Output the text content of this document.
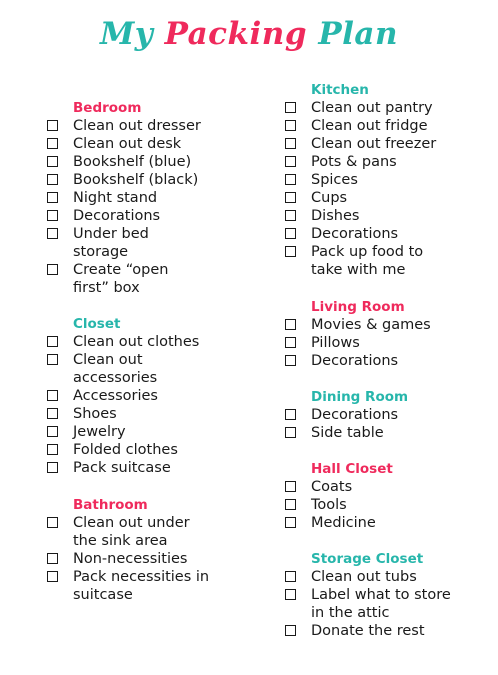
My Packing Plan
Bedroom
Clean out dresser
Clean out desk
Bookshelf (blue)
Bookshelf (black)
Night stand
Decorations
Under bed storage
Create “open first” box
Closet
Clean out clothes
Clean out accessories
Accessories
Shoes
Jewelry
Folded clothes
Pack suitcase
Bathroom
Clean out under the sink area
Non-necessities
Pack necessities in suitcase
Kitchen
Clean out pantry
Clean out fridge
Clean out freezer
Pots & pans
Spices
Cups
Dishes
Decorations
Pack up food to take with me
Living Room
Movies & games
Pillows
Decorations
Dining Room
Decorations
Side table
Hall Closet
Coats
Tools
Medicine
Storage Closet
Clean out tubs
Label what to store in the attic
Donate the rest
